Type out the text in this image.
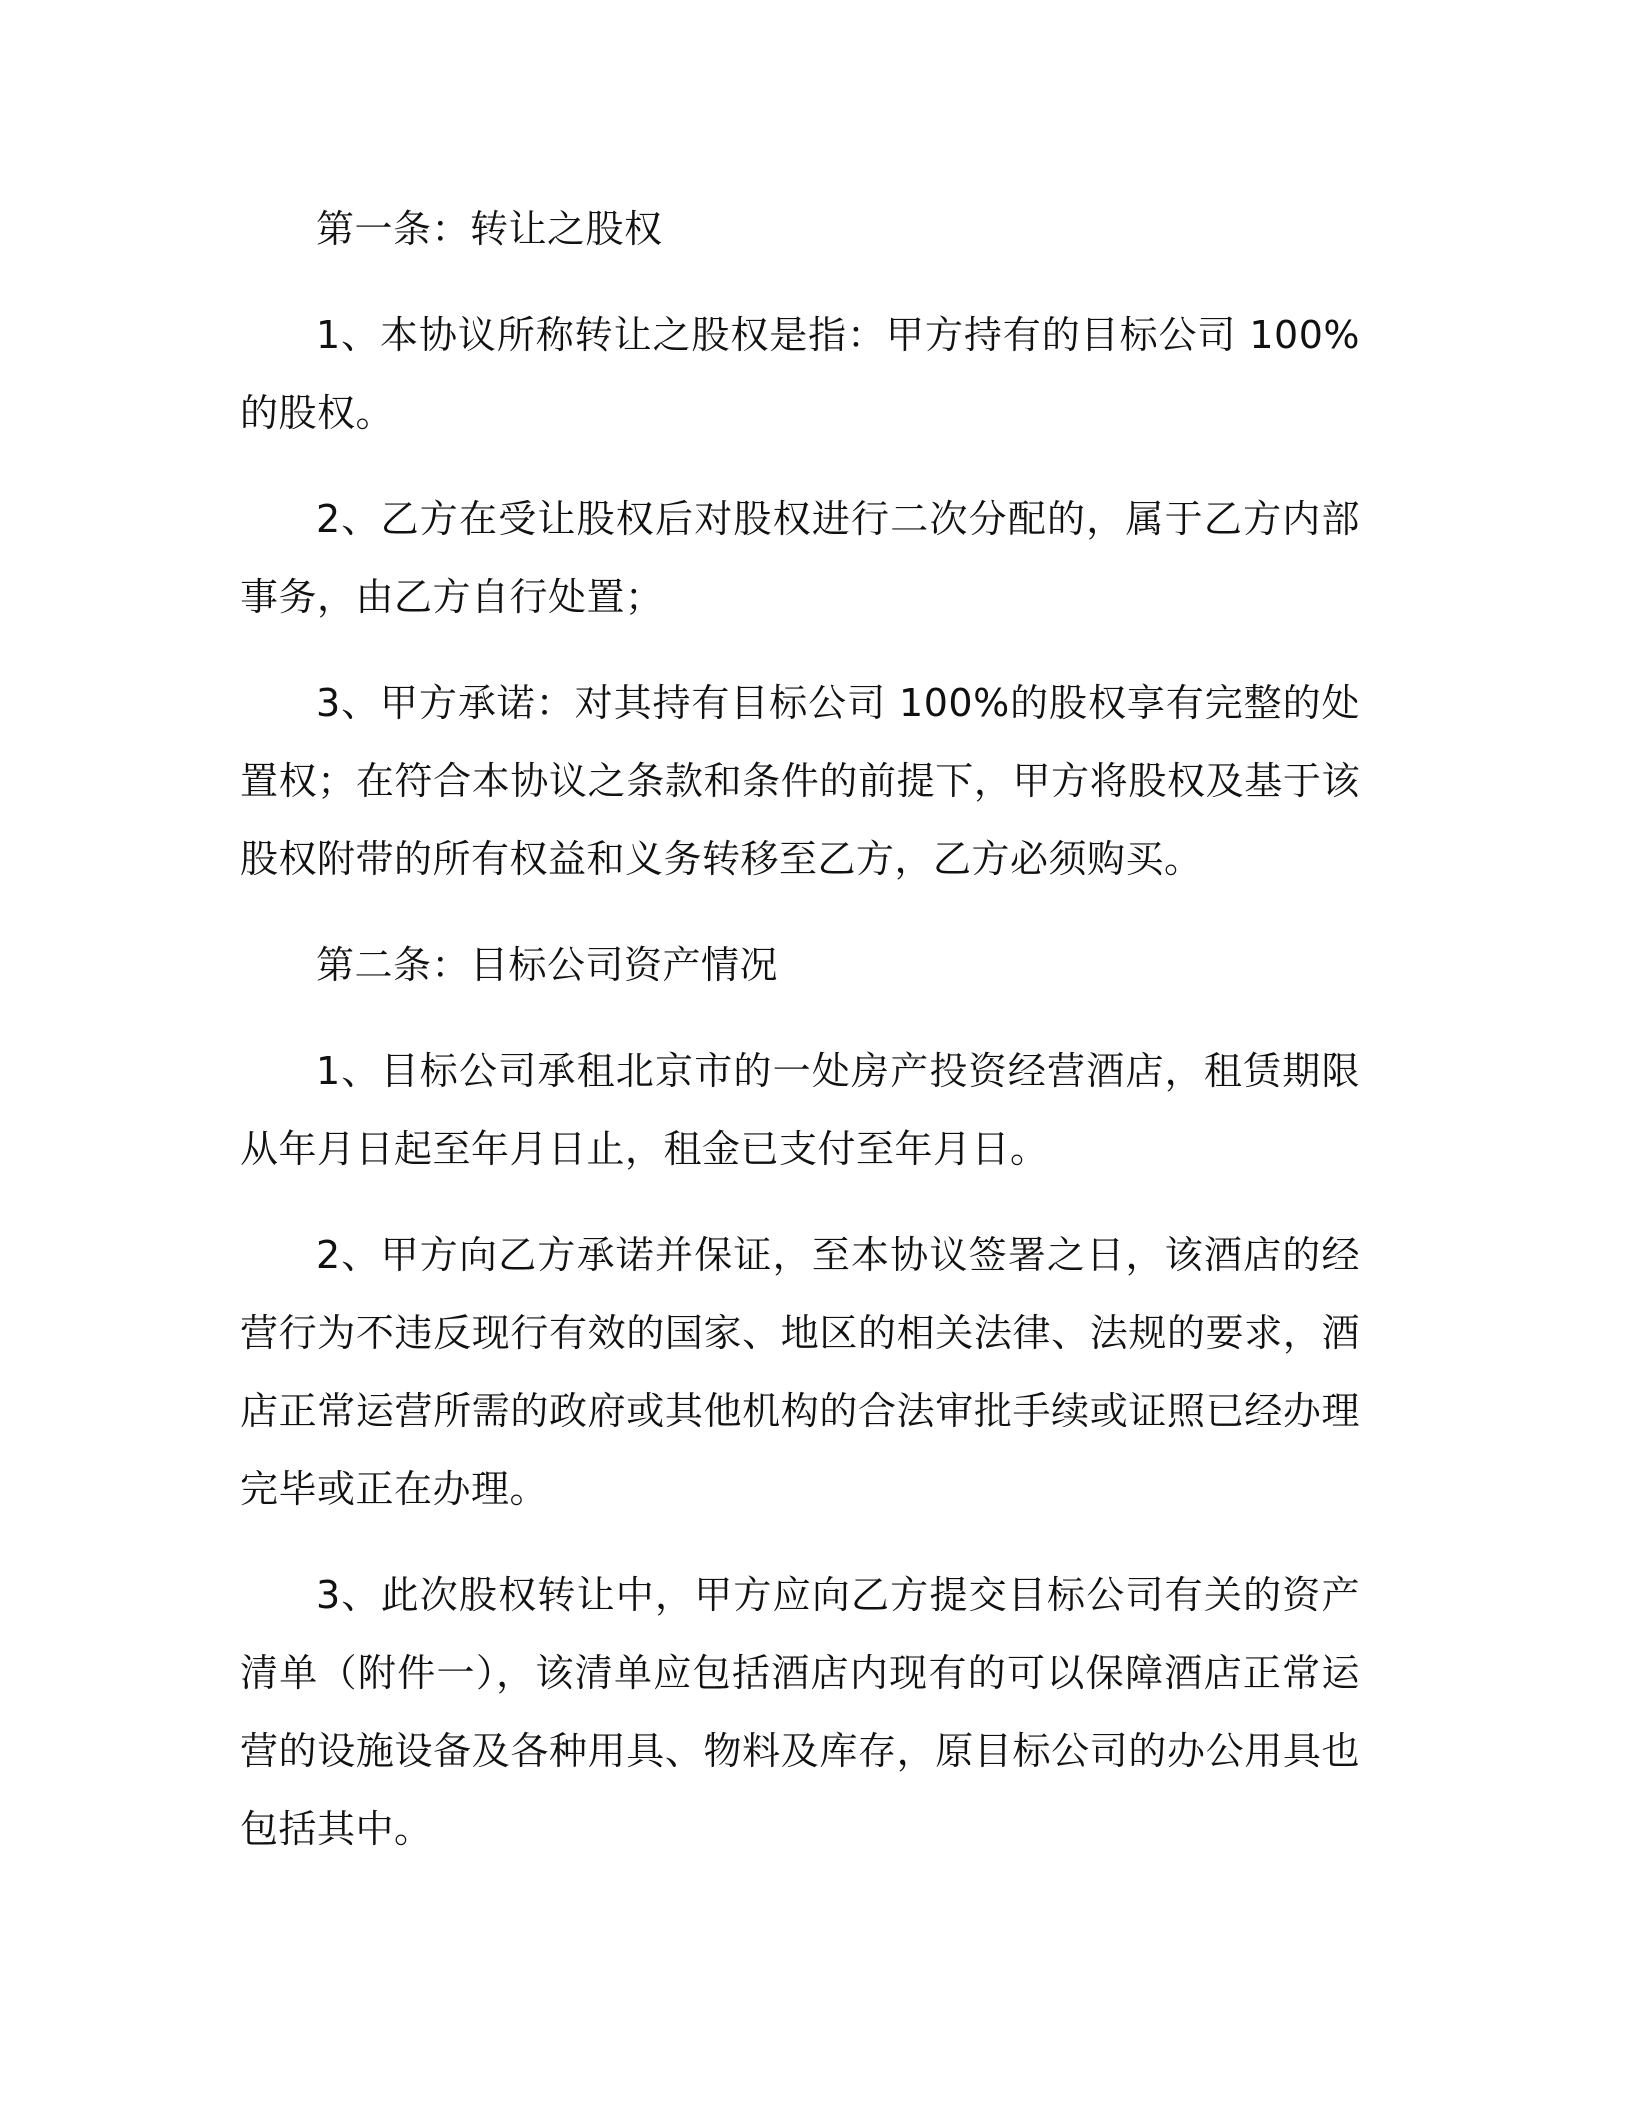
第一条：转让之股权

1、本协议所称转让之股权是指：甲方持有的目标公司 100%的股权。

2、乙方在受让股权后对股权进行二次分配的，属于乙方内部事务，由乙方自行处置；

3、甲方承诺：对其持有目标公司 100%的股权享有完整的处置权；在符合本协议之条款和条件的前提下，甲方将股权及基于该股权附带的所有权益和义务转移至乙方，乙方必须购买。

第二条：目标公司资产情况

1、目标公司承租北京市的一处房产投资经营酒店，租赁期限从年月日起至年月日止，租金已支付至年月日。

2、甲方向乙方承诺并保证，至本协议签署之日，该酒店的经营行为不违反现行有效的国家、地区的相关法律、法规的要求，酒店正常运营所需的政府或其他机构的合法审批手续或证照已经办理完毕或正在办理。

3、此次股权转让中，甲方应向乙方提交目标公司有关的资产清单（附件一），该清单应包括酒店内现有的可以保障酒店正常运营的设施设备及各种用具、物料及库存，原目标公司的办公用具也包括其中。
